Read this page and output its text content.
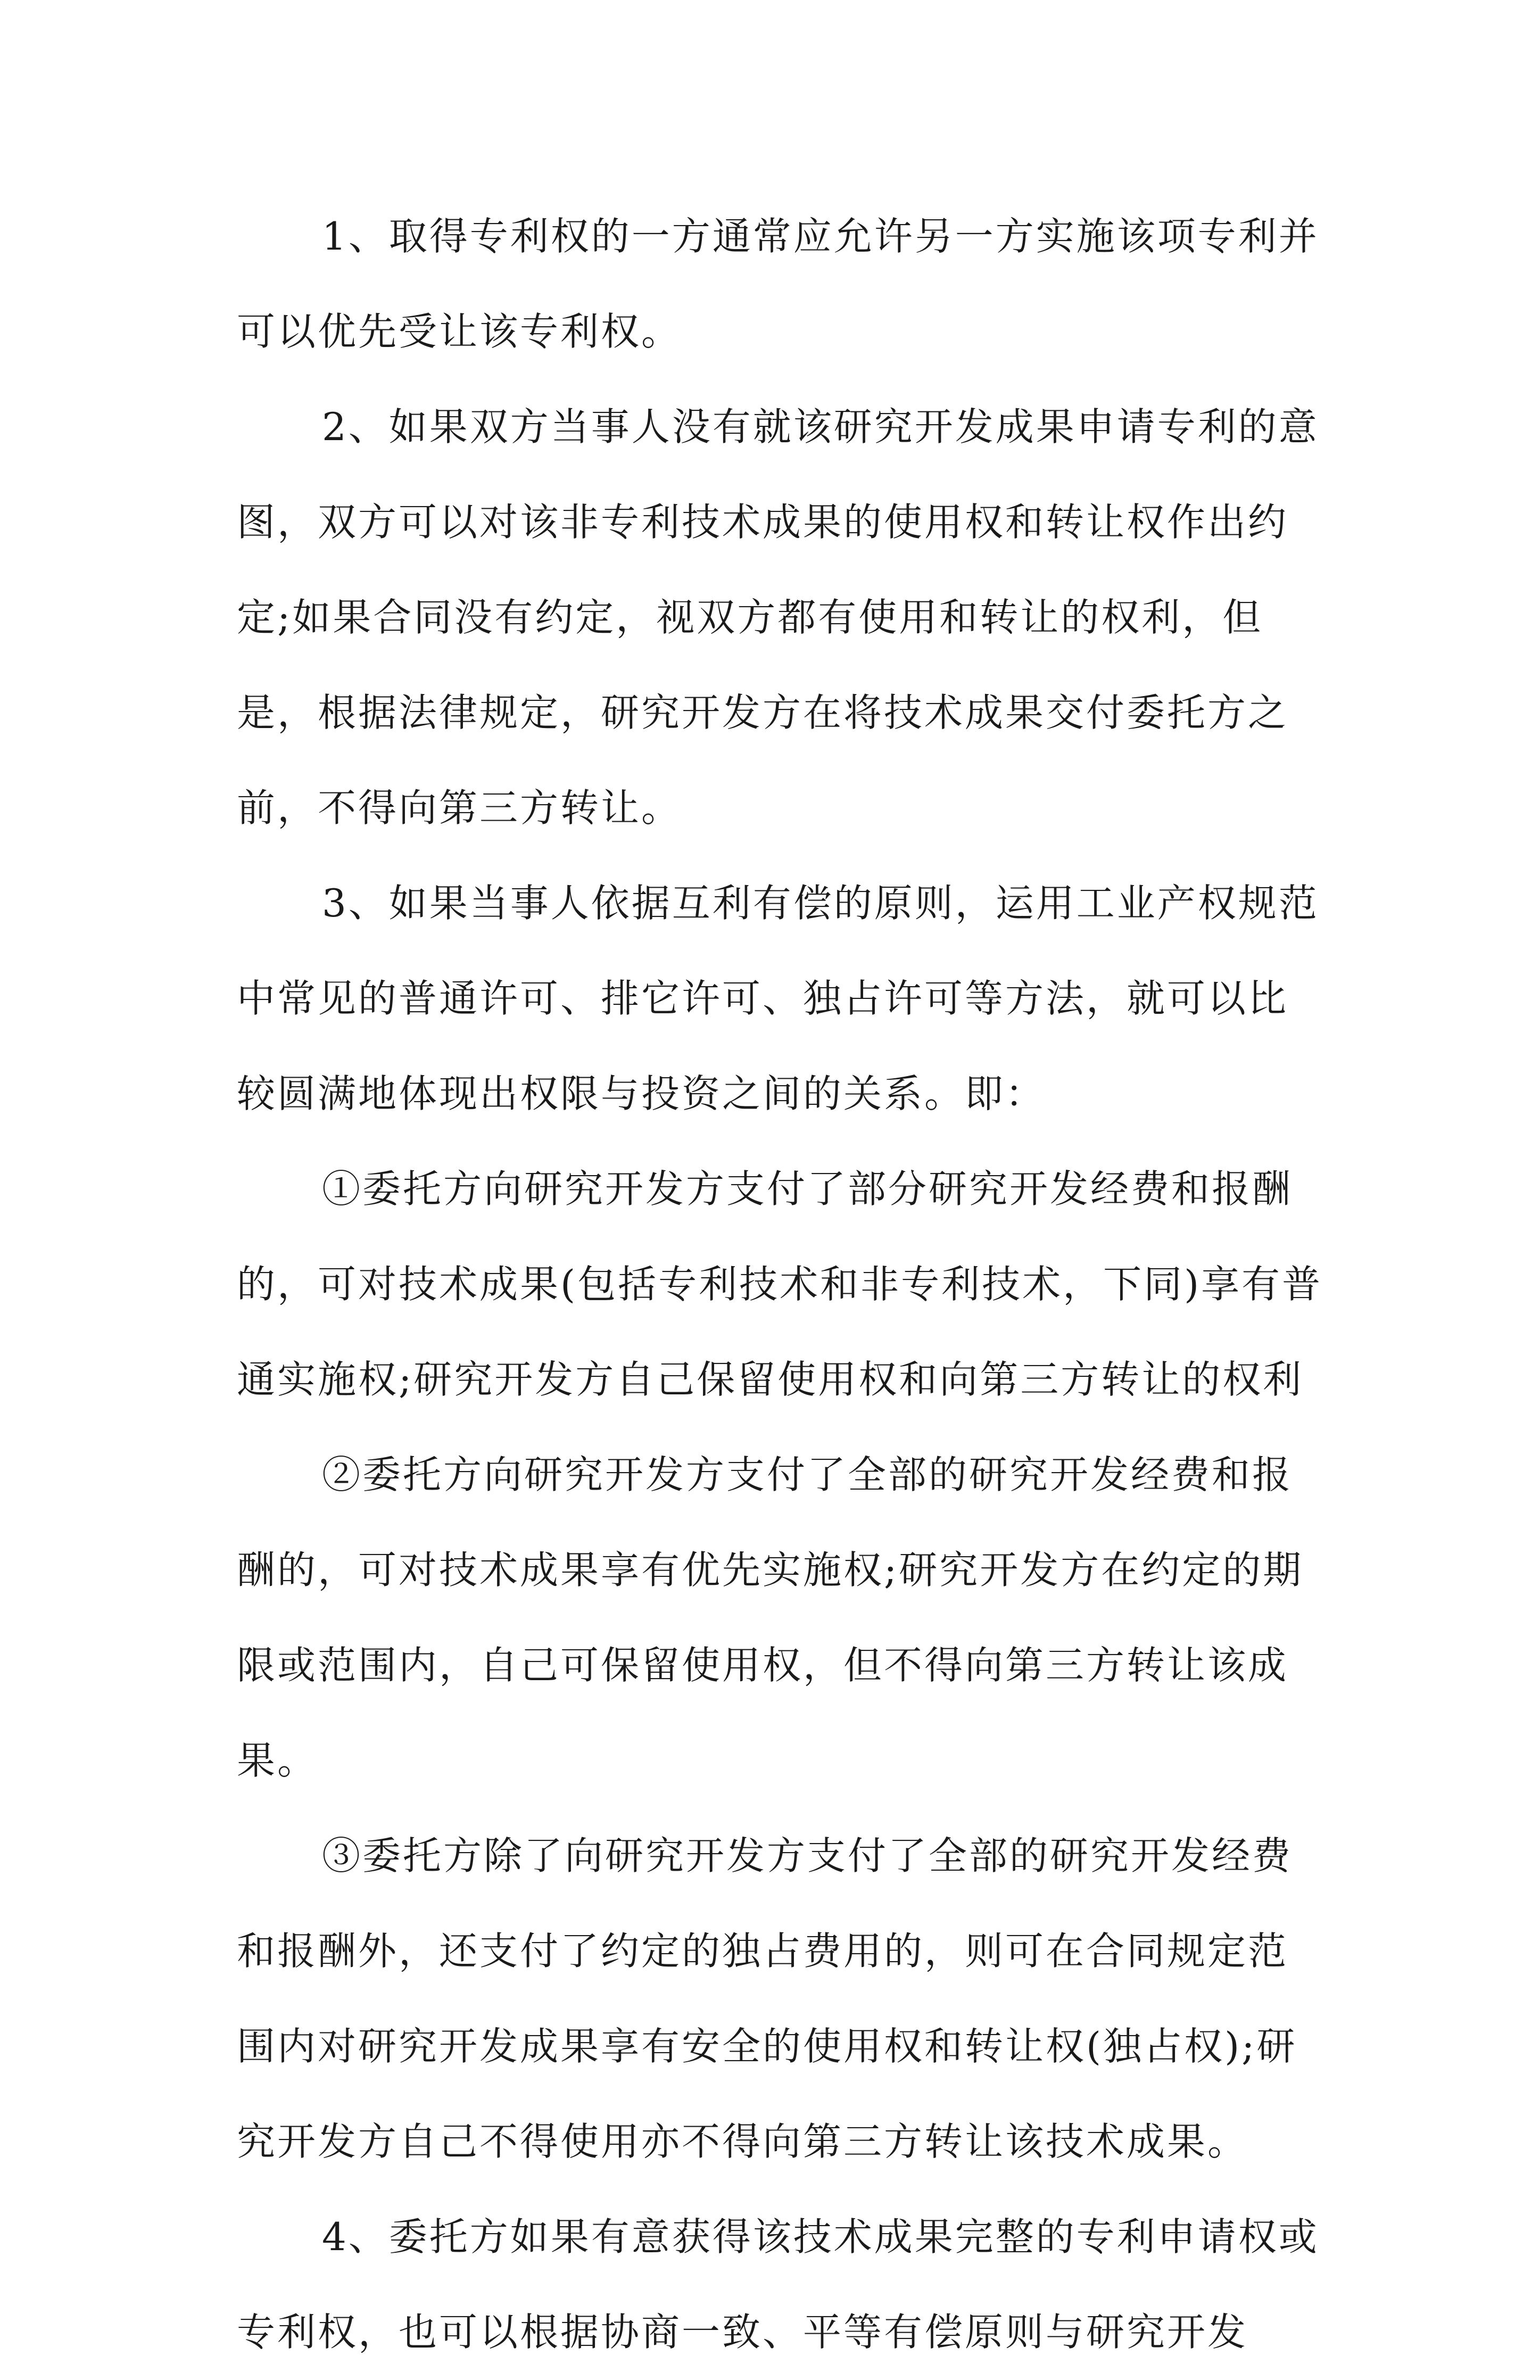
1、取得专利权的一方通常应允许另一方实施该项专利并可以优先受让该专利权。

2、如果双方当事人没有就该研究开发成果申请专利的意图，双方可以对该非专利技术成果的使用权和转让权作出约定;如果合同没有约定，视双方都有使用和转让的权利，但是，根据法律规定，研究开发方在将技术成果交付委托方之前，不得向第三方转让。

3、如果当事人依据互利有偿的原则，运用工业产权规范中常见的普通许可、排它许可、独占许可等方法，就可以比较圆满地体现出权限与投资之间的关系。即：

①委托方向研究开发方支付了部分研究开发经费和报酬的，可对技术成果(包括专利技术和非专利技术，下同)享有普通实施权;研究开发方自己保留使用权和向第三方转让的权利

②委托方向研究开发方支付了全部的研究开发经费和报酬的，可对技术成果享有优先实施权;研究开发方在约定的期限或范围内，自己可保留使用权，但不得向第三方转让该成果。

③委托方除了向研究开发方支付了全部的研究开发经费和报酬外，还支付了约定的独占费用的，则可在合同规定范围内对研究开发成果享有安全的使用权和转让权(独占权);研究开发方自己不得使用亦不得向第三方转让该技术成果。

4、委托方如果有意获得该技术成果完整的专利申请权或专利权，也可以根据协商一致、平等有偿原则与研究开发
